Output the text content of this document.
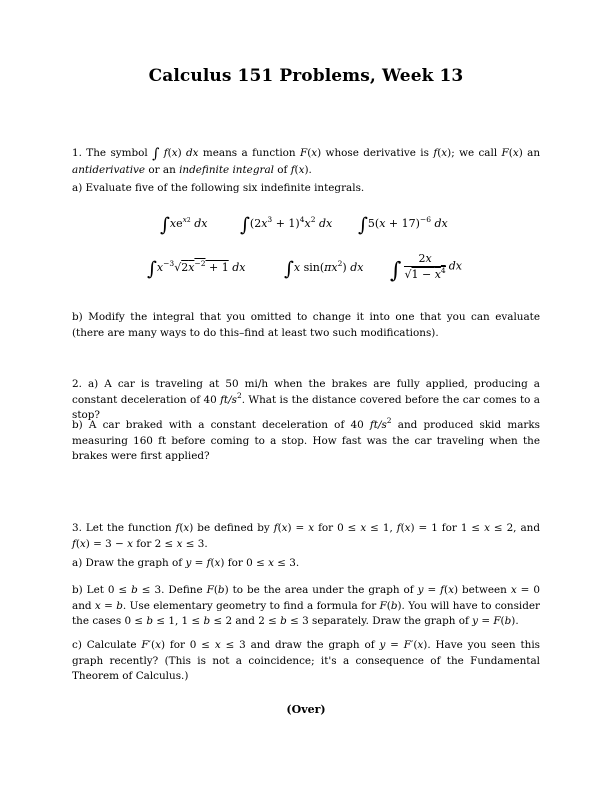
Calculus 151 Problems, Week 13
1. The symbol ∫ f(x) dx means a function F(x) whose derivative is f(x); we call F(x) an antiderivative or an indefinite integral of f(x).
a) Evaluate five of the following six indefinite integrals.
$\int xe^{x2}$ dx $\int(2x^3 + 1)^4x^2$ dx $\int 5(x + 17)^{-6}$ dx
$\int x^{-3}√2x^{-2} + 1$ dx ∫x $\sin(\pi x^2)$ dx ∫ $\frac{2x}{√1 - x^4}$ dx
b) Modify the integral that you omitted to change it into one that you can evaluate (there are many ways to do this–find at least two such modifications).
2. a) A car is traveling at 50 mi/h when the brakes are fully applied, producing a constant deceleration of 40 $ft/s^2$. What is the distance covered before the car comes to a stop?
b) A car braked with a constant deceleration of 40 $ft/s^2$ and produced skid marks measuring 160 ft before coming to a stop. How fast was the car traveling when the brakes were first applied?
3. Let the function f(x) be defined by f(x) = x for 0 ≤ x ≤ 1, f(x) = 1 for 1 ≤ x ≤ 2, and f(x) = 3 − x for 2 ≤ x ≤ 3.
a) Draw the graph of y = f(x) for 0 ≤ x ≤ 3.
b) Let 0 ≤ b ≤ 3. Define F(b) to be the area under the graph of y = f(x) between x = 0 and x = b. Use elementary geometry to find a formula for F(b). You will have to consider the cases 0 ≤ b ≤ 1, 1 ≤ b ≤ 2 and 2 ≤ b ≤ 3 separately. Draw the graph of y = F(b).
c) Calculate F′(x) for 0 ≤ x ≤ 3 and draw the graph of y = F′(x). Have you seen this graph recently? (This is not a coincidence; it's a consequence of the Fundamental Theorem of Calculus.)
(Over)
